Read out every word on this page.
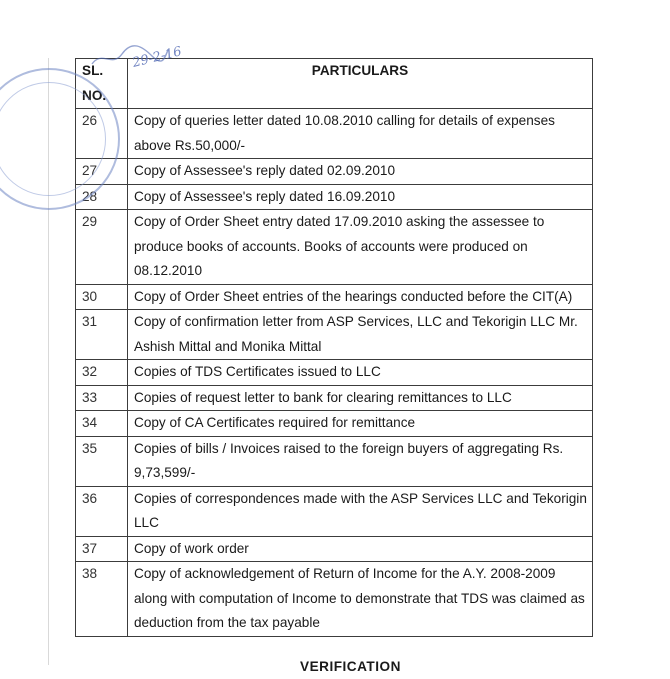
SL. NO.	PARTICULARS
26	Copy of queries letter dated 10.08.2010 calling for details of expenses above Rs.50,000/-
27	Copy of Assessee's reply dated 02.09.2010
28	Copy of Assessee's reply dated 16.09.2010
29	Copy of Order Sheet entry dated 17.09.2010 asking the assessee to produce books of accounts. Books of accounts were produced on 08.12.2010
30	Copy of Order Sheet entries of the hearings conducted before the CIT(A)
31	Copy of confirmation letter from ASP Services, LLC and Tekorigin LLC Mr. Ashish Mittal and Monika Mittal
32	Copies of TDS Certificates issued to LLC
33	Copies of request letter to bank for clearing remittances to LLC
34	Copy of CA Certificates required for remittance
35	Copies of bills / Invoices raised to the foreign buyers of aggregating Rs. 9,73,599/-
36	Copies of correspondences made with the ASP Services LLC and Tekorigin LLC
37	Copy of work order
38	Copy of acknowledgement of Return of Income for the A.Y. 2008-2009 along with computation of Income to demonstrate that TDS was claimed as deduction from the tax payable
29-2-16
VERIFICATION
